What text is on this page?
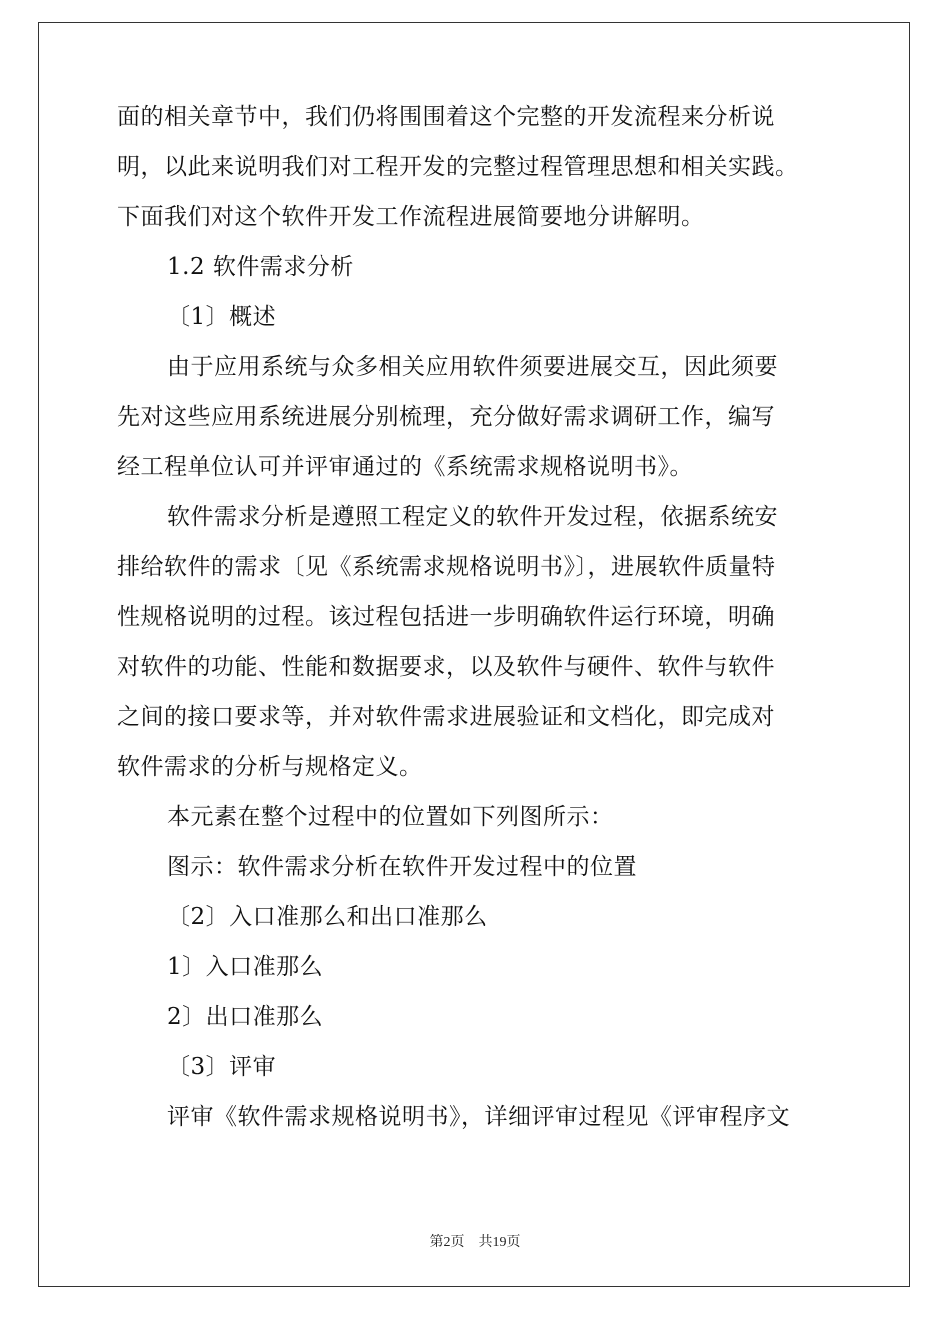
面的相关章节中，我们仍将围围着这个完整的开发流程来分析说
明，以此来说明我们对工程开发的完整过程管理思想和相关实践。
下面我们对这个软件开发工作流程进展简要地分讲解明。
1.2 软件需求分析
〔1〕概述
由于应用系统与众多相关应用软件须要进展交互，因此须要
先对这些应用系统进展分别梳理，充分做好需求调研工作，编写
经工程单位认可并评审通过的《系统需求规格说明书》。
软件需求分析是遵照工程定义的软件开发过程，依据系统安
排给软件的需求〔见《系统需求规格说明书》〕，进展软件质量特
性规格说明的过程。该过程包括进一步明确软件运行环境，明确
对软件的功能、性能和数据要求，以及软件与硬件、软件与软件
之间的接口要求等，并对软件需求进展验证和文档化，即完成对
软件需求的分析与规格定义。
本元素在整个过程中的位置如下列图所示：
图示：软件需求分析在软件开发过程中的位置
〔2〕入口准那么和出口准那么
1〕入口准那么
2〕出口准那么
〔3〕评审
评审《软件需求规格说明书》，详细评审过程见《评审程序文
第2页    共19页
